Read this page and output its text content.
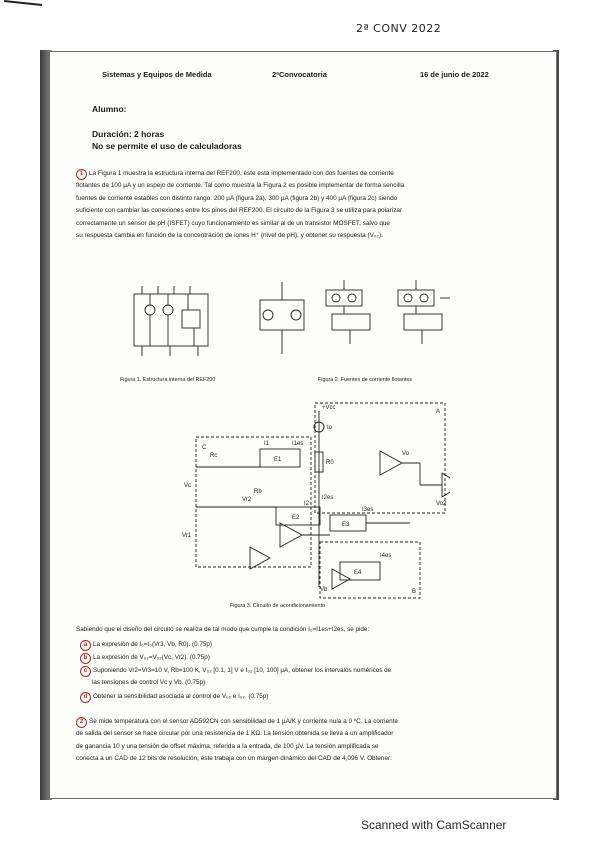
2ª CONV 2022
Sistemas y Equipos de Medida	2ªConvocatoria	16 de junio de 2022
Alumno:
Duración: 2 horas
No se permite el uso de calculadoras
1 La Figura 1 muestra la estructura interna del REF200, éste está implementado con dos fuentes de corriente
flotantes de 100 µA y un espejo de corriente. Tal como muestra la Figura 2 es posible implementar de forma sencilla
fuentes de corriente estables con distinto rango: 200 µA (figura 2a), 300 µA (figura 2b) y 400 µA (figura 2c) siendo
suficiente con cambiar las conexiones entre los pines del REF200. El circuito de la Figura 3 se utiliza para polarizar
correctamente un sensor de pH (ISFET) cuyo funcionamiento es similar al de un transistor MOSFET, salvo que
su respuesta cambia en función de la concentración de iones H⁺ (nivel de pH), y obtener su respuesta (V₀₂).
Figura 1. Estructura interna del REF200	Figura 2. Fuentes de corriente flotantes
+Vcc
Io
R0
C
Rc
I1	I1es
E1
Vc
Vr2
Rb
I2
E2
I2es
Vr1
E3
I3es
I4es
Vb
E4
Vo
Vo2
A
B
Figura 3. Circuito de acondicionamiento
Sabiendo que el diseño del circuito se realiza de tal modo que cumple la condición I₀=I1es+I2es, se pide:
a La expresión de I₀=I₀(Vr3, Vb, R0). (0.75p)
b La expresión de V₀₂=V₀₂(Vc, Vr2). (0.75p)
c Suponiendo Vr2=Vr3=10 V, Rb=100 K, V₀₂ [0.1, 1] V e I₀₂ [10, 100] µA, obtener los intervalos numéricos de
las tensiones de control Vc y Vb. (0.75p)
d Obtener la sensibilidad asociada al control de V₀₂ e I₀₂. (0.75p)
2 Se mide temperatura con el sensor AD592CN con sensibilidad de 1 µA/K y corriente nula a 0 ºC. La corriente
de salida del sensor se hace circular por una resistencia de 1 KΩ. La tensión obtenida se lleva a un amplificador
de ganancia 10 y una tensión de offset máxima, referida a la entrada, de 100 µV. La tensión amplificada se
conecta a un CAD de 12 bits de resolución, éste trabaja con un margen dinámico del CAD de 4,096 V. Obtener:
Scanned with CamScanner
